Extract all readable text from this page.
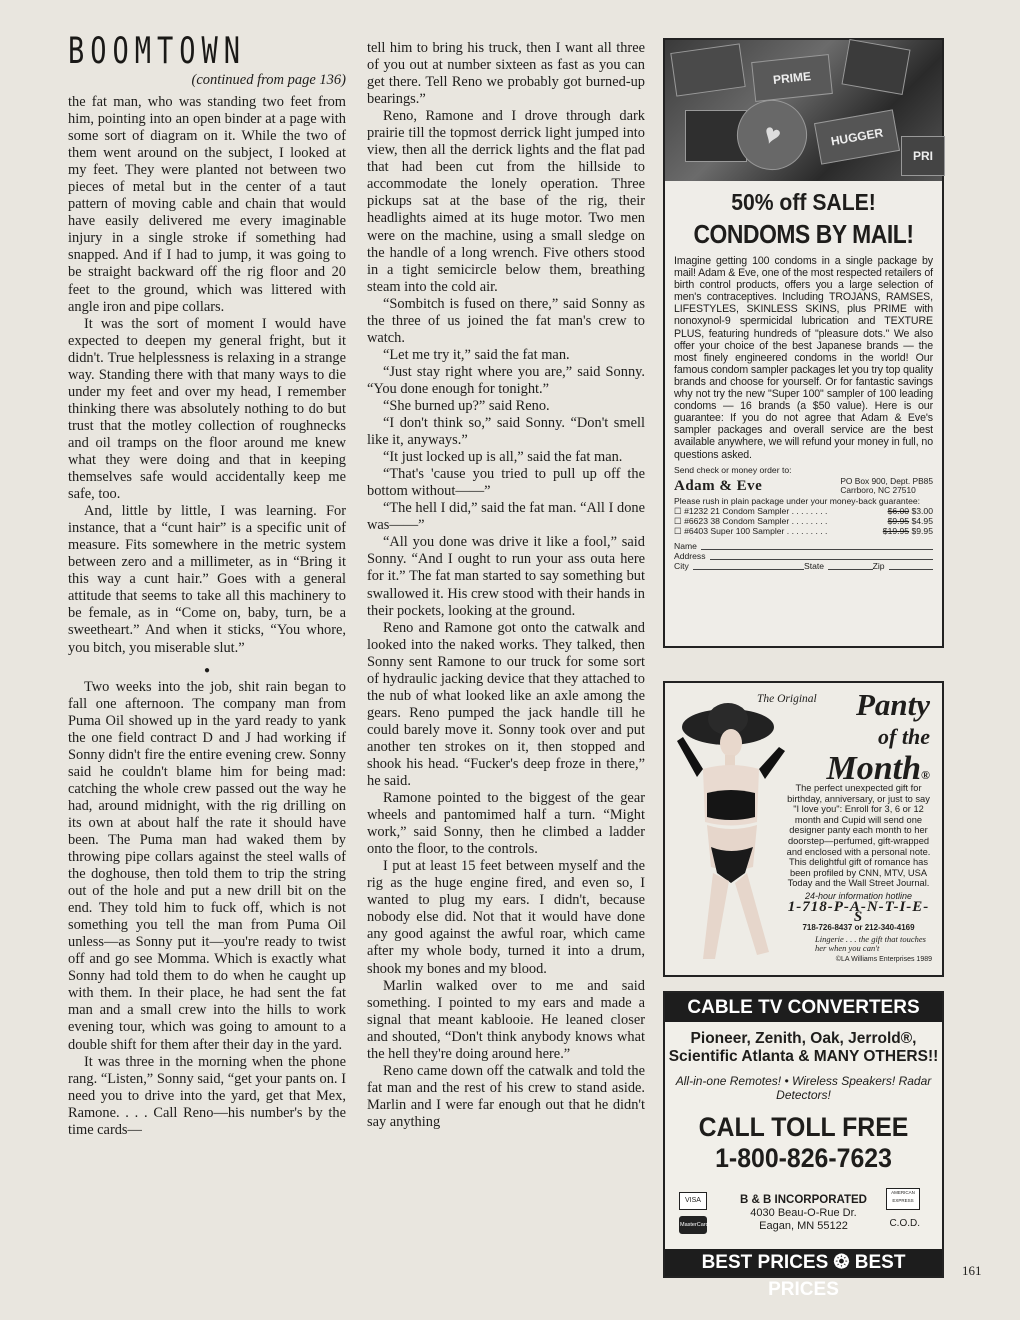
BOOMTOWN
(continued from page 136)

the fat man, who was standing two feet from him, pointing into an open binder at a page with some sort of diagram on it. While the two of them went around on the subject, I looked at my feet. They were planted not between two pieces of metal but in the center of a taut pattern of moving cable and chain that would have easily delivered me every imaginable injury in a single stroke if something had snapped. And if I had to jump, it was going to be straight backward off the rig floor and 20 feet to the ground, which was littered with angle iron and pipe collars.

It was the sort of moment I would have expected to deepen my general fright, but it didn't. True helplessness is relaxing in a strange way. Standing there with that many ways to die under my feet and over my head, I remember thinking there was absolutely nothing to do but trust that the motley collection of roughnecks and oil tramps on the floor around me knew what they were doing and that in keeping themselves safe would accidentally keep me safe, too.

And, little by little, I was learning. For instance, that a “cunt hair” is a specific unit of measure. Fits somewhere in the metric system between zero and a millimeter, as in “Bring it this way a cunt hair.” Goes with a general attitude that seems to take all this machinery to be female, as in “Come on, baby, turn, be a sweetheart.” And when it sticks, “You whore, you bitch, you miserable slut.”

●

Two weeks into the job, shit rain began to fall one afternoon. The company man from Puma Oil showed up in the yard ready to yank the one field contract D and J had working if Sonny didn't fire the entire evening crew. Sonny said he couldn't blame him for being mad: catching the whole crew passed out the way he had, around midnight, with the rig drilling on its own at about half the rate it should have been. The Puma man had waked them by throwing pipe collars against the steel walls of the doghouse, then told them to trip the string out of the hole and put a new drill bit on the end. They told him to fuck off, which is not something you tell the man from Puma Oil unless—as Sonny put it—you're ready to twist off and go see Momma. Which is exactly what Sonny had told them to do when he caught up with them. In their place, he had sent the fat man and a small crew into the hills to work evening tour, which was going to amount to a double shift for them after their day in the yard.

It was three in the morning when the phone rang. “Listen,” Sonny said, “get your pants on. I need you to drive into the yard, get that Mex, Ramone. . . . Call Reno—his number's by the time cards—

tell him to bring his truck, then I want all three of you out at number sixteen as fast as you can get there. Tell Reno we probably got burned-up bearings.”

Reno, Ramone and I drove through dark prairie till the topmost derrick light jumped into view, then all the derrick lights and the flat pad that had been cut from the hillside to accommodate the lonely operation. Three pickups sat at the base of the rig, their headlights aimed at its huge motor. Two men were on the machine, using a small sledge on the handle of a long wrench. Five others stood in a tight semicircle below them, breathing steam into the cold air.

“Sombitch is fused on there,” said Sonny as the three of us joined the fat man's crew to watch.

“Let me try it,” said the fat man.

“Just stay right where you are,” said Sonny. “You done enough for tonight.”

“She burned up?” said Reno.

“I don't think so,” said Sonny. “Don't smell like it, anyways.”

“It just locked up is all,” said the fat man.

“That's 'cause you tried to pull up off the bottom without——”

“The hell I did,” said the fat man. “All I done was——”

“All you done was drive it like a fool,” said Sonny. “And I ought to run your ass outa here for it.” The fat man started to say something but swallowed it. His crew stood with their hands in their pockets, looking at the ground.

Reno and Ramone got onto the catwalk and looked into the naked works. They talked, then Sonny sent Ramone to our truck for some sort of hydraulic jacking device that they attached to the nub of what looked like an axle among the gears. Reno pumped the jack handle till he could barely move it. Sonny took over and put another ten strokes on it, then stopped and shook his head. “Fucker's deep froze in there,” he said.

Ramone pointed to the biggest of the gear wheels and pantomimed half a turn. “Might work,” said Sonny, then he climbed a ladder onto the floor, to the controls.

I put at least 15 feet between myself and the rig as the huge engine fired, and even so, I wanted to plug my ears. I didn't, because nobody else did. Not that it would have done any good against the awful roar, which came after my whole body, turned it into a drum, shook my bones and my blood.

Marlin walked over to me and said something. I pointed to my ears and made a signal that meant kablooie. He leaned closer and shouted, “Don't think anybody knows what the hell they're doing around here.”

Reno came down off the catwalk and told the fat man and the rest of his crew to stand aside. Marlin and I were far enough out that he didn't say anything

PRIME
♥	HUGGER
PRI
50% off SALE!
CONDOMS BY MAIL!
Imagine getting 100 condoms in a single package by mail! Adam & Eve, one of the most respected retailers of birth control products, offers you a large selection of men's contraceptives. Including TROJANS, RAMSES, LIFESTYLES, SKINLESS SKINS, plus PRIME with nonoxynol-9 spermicidal lubrication and TEXTURE PLUS, featuring hundreds of "pleasure dots." We also offer your choice of the best Japanese brands — the most finely engineered condoms in the world! Our famous condom sampler packages let you try top quality brands and choose for yourself. Or for fantastic savings why not try the new "Super 100" sampler of 100 leading condoms — 16 brands (a $50 value). Here is our guarantee: If you do not agree that Adam & Eve's sampler packages and overall service are the best available anywhere, we will refund your money in full, no questions asked.
Send check or money order to:
Adam & Eve	PO Box 900, Dept. PB85
Carrboro, NC 27510
Please rush in plain package under your money-back guarantee:
☐ #1232 21 Condom Sampler . . . . . . . .	$6.00 $3.00
☐ #6623 38 Condom Sampler . . . . . . . .	$9.95 $4.95
☐ #6403 Super 100 Sampler . . . . . . . . .	$19.95 $9.95
Name
Address
City	State	Zip
The Original	Panty
of the
Month®
The perfect unexpected gift for birthday, anniversary, or just to say "I love you": Enroll for 3, 6 or 12 month and Cupid will send one designer panty each month to her doorstep—perfumed, gift-wrapped and enclosed with a personal note. This delightful gift of romance has been profiled by CNN, MTV, USA Today and the Wall Street Journal.
24-hour information hotline
1-718-P-A-N-T-I-E-S
718-726-8437 or 212-340-4169
Lingerie . . . the gift that touches her when you can't
©LA Williams Enterprises 1989
CABLE TV CONVERTERS
Pioneer, Zenith, Oak, Jerrold®, Scientific Atlanta & MANY OTHERS!!
All-in-one Remotes! • Wireless Speakers! Radar Detectors!
CALL TOLL FREE
1-800-826-7623
VISA
MasterCard
B & B INCORPORATED
4030 Beau-O-Rue Dr.
Eagan, MN 55122
AMERICAN EXPRESS
C.O.D.
BEST PRICES ❂ BEST PRICES
161
